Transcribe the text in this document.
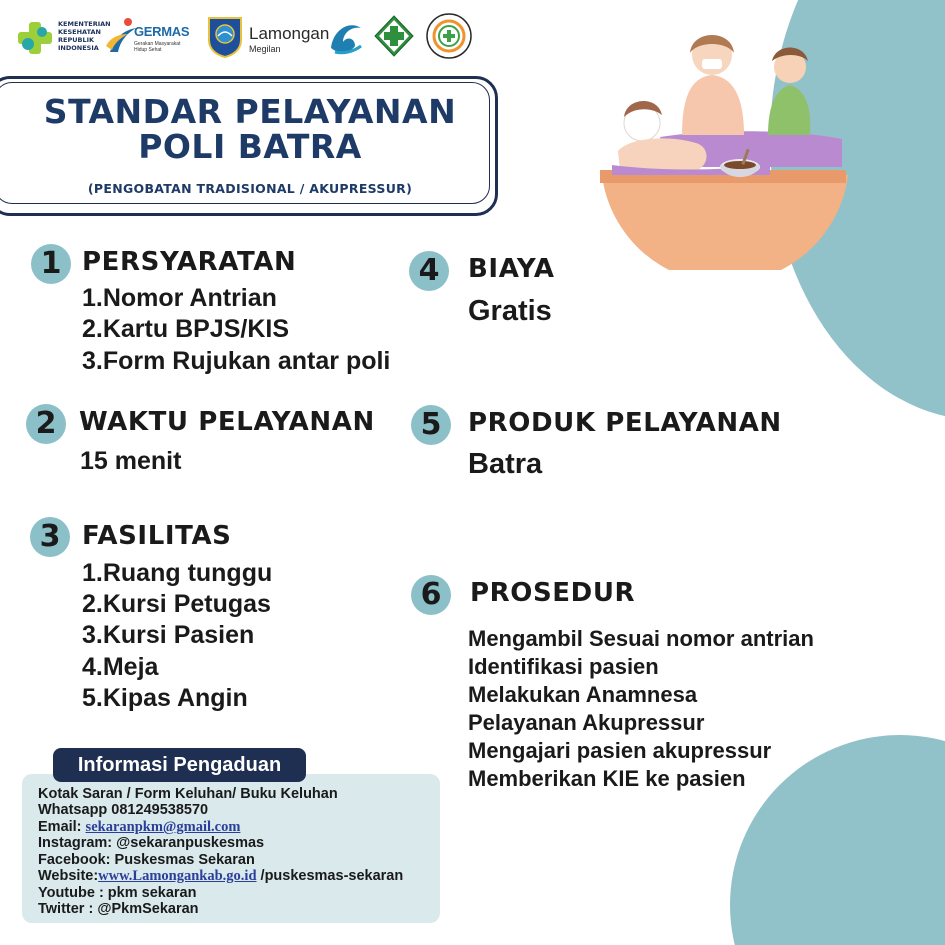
KEMENTERIAN KESEHATAN REPUBLIK INDONESIA
GERMAS
Gerakan Masyarakat Hidup Sehat
Lamongan
Megilan
STANDAR PELAYANAN
POLI BATRA
(PENGOBATAN TRADISIONAL / AKUPRESSUR)
1 PERSYARATAN
1.Nomor Antrian
2.Kartu BPJS/KIS
3.Form Rujukan antar poli
2 WAKTU PELAYANAN
15 menit
3 FASILITAS
1.Ruang tunggu
2.Kursi Petugas
3.Kursi Pasien
4.Meja
5.Kipas Angin
4	BIAYA
Gratis
5	PRODUK PELAYANAN
Batra
6	PROSEDUR
Mengambil Sesuai nomor antrian
Identifikasi pasien
Melakukan Anamnesa
Pelayanan Akupressur
Mengajari pasien akupressur
Memberikan KIE ke pasien
Informasi Pengaduan
Kotak Saran / Form Keluhan/ Buku Keluhan
Whatsapp 081249538570
Email: sekaranpkm@gmail.com
Instagram: @sekaranpuskesmas
Facebook: Puskesmas Sekaran
Website:www.Lamongankab.go.id /puskesmas-sekaran
Youtube : pkm sekaran
Twitter : @PkmSekaran
